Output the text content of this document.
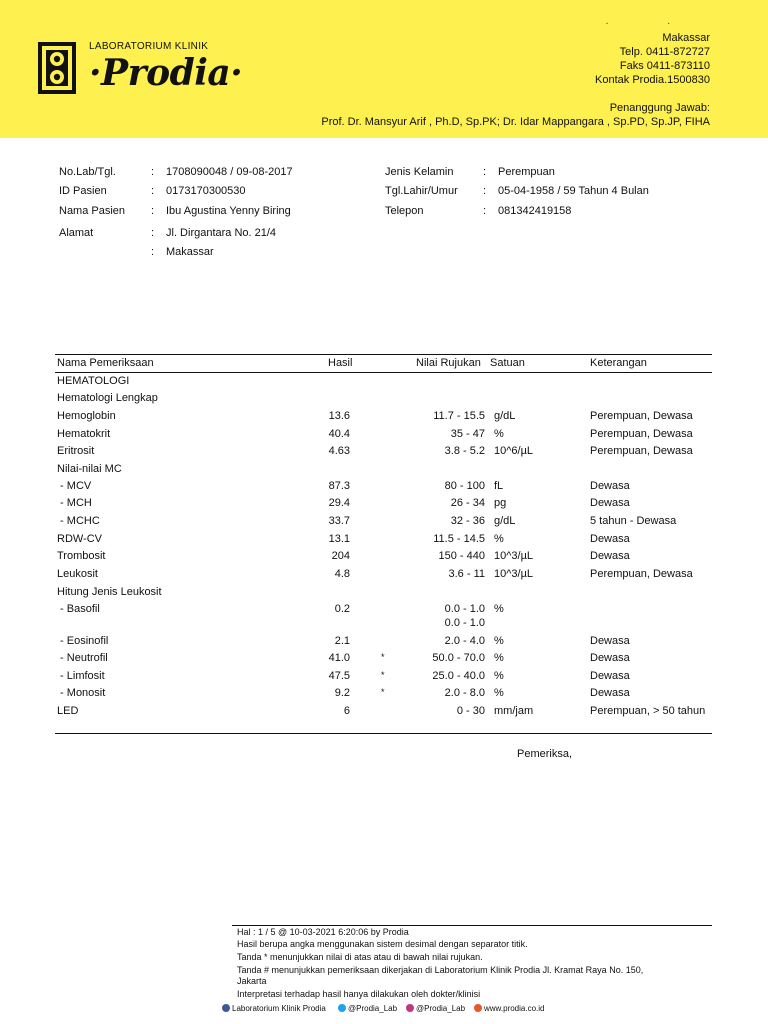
LABORATORIUM KLINIK
·Prodia·
. .
Makassar
Telp. 0411-872727
Faks 0411-873110
Kontak Prodia.1500830
Penanggung Jawab:
Prof. Dr. Mansyur Arif , Ph.D, Sp.PK; Dr. Idar Mappangara , Sp.PD, Sp.JP, FIHA
No.Lab/Tgl.	: 1708090048 / 09-08-2017
ID Pasien	: 0173170300530
Nama Pasien : Ibu Agustina Yenny Biring
Alamat	: Jl. Dirgantara No. 21/4
: Makassar
Jenis Kelamin	: Perempuan
Tgl.Lahir/Umur : 05-04-1958 / 59 Tahun 4 Bulan
Telepon	: 081342419158
Nama Pemeriksaan	Hasil	Nilai Rujukan Satuan	Keterangan
HEMATOLOGI
Hematologi Lengkap
Hemoglobin	13.6	11.7 - 15.5 g/dL	Perempuan, Dewasa
Hematokrit	40.4	35 - 47 %	Perempuan, Dewasa
Eritrosit	4.63	3.8 - 5.2 10^6/µL	Perempuan, Dewasa
Nilai-nilai MC
- MCV	87.3	80 - 100 fL	Dewasa
- MCH	29.4	26 - 34 pg	Dewasa
- MCHC	33.7	32 - 36 g/dL	5 tahun - Dewasa
RDW-CV	13.1	11.5 - 14.5 %	Dewasa
Trombosit	204	150 - 440 10^3/µL	Dewasa
Leukosit	4.8	3.6 - 11 10^3/µL	Perempuan, Dewasa
Hitung Jenis Leukosit
- Basofil	0.2	0.0 - 1.0 %
0.0 - 1.0
- Eosinofil	2.1	2.0 - 4.0 %	Dewasa
- Neutrofil	41.0	*	50.0 - 70.0 %	Dewasa
- Limfosit	47.5	*	25.0 - 40.0 %	Dewasa
- Monosit	9.2	*	2.0 - 8.0 %	Dewasa
LED	6	0 - 30 mm/jam	Perempuan, > 50 tahun
Pemeriksa,
Hal : 1 / 5 @ 10-03-2021 6:20:06 by Prodia
Hasil berupa angka menggunakan sistem desimal dengan separator titik.
Tanda * menunjukkan nilai di atas atau di bawah nilai rujukan.
Tanda # menunjukkan pemeriksaan dikerjakan di Laboratorium Klinik Prodia Jl. Kramat Raya No. 150,
Jakarta
Interpretasi terhadap hasil hanya dilakukan oleh dokter/klinisi
Laboratorium Klinik Prodia	@Prodia_Lab	@Prodia_Lab	www.prodia.co.id
